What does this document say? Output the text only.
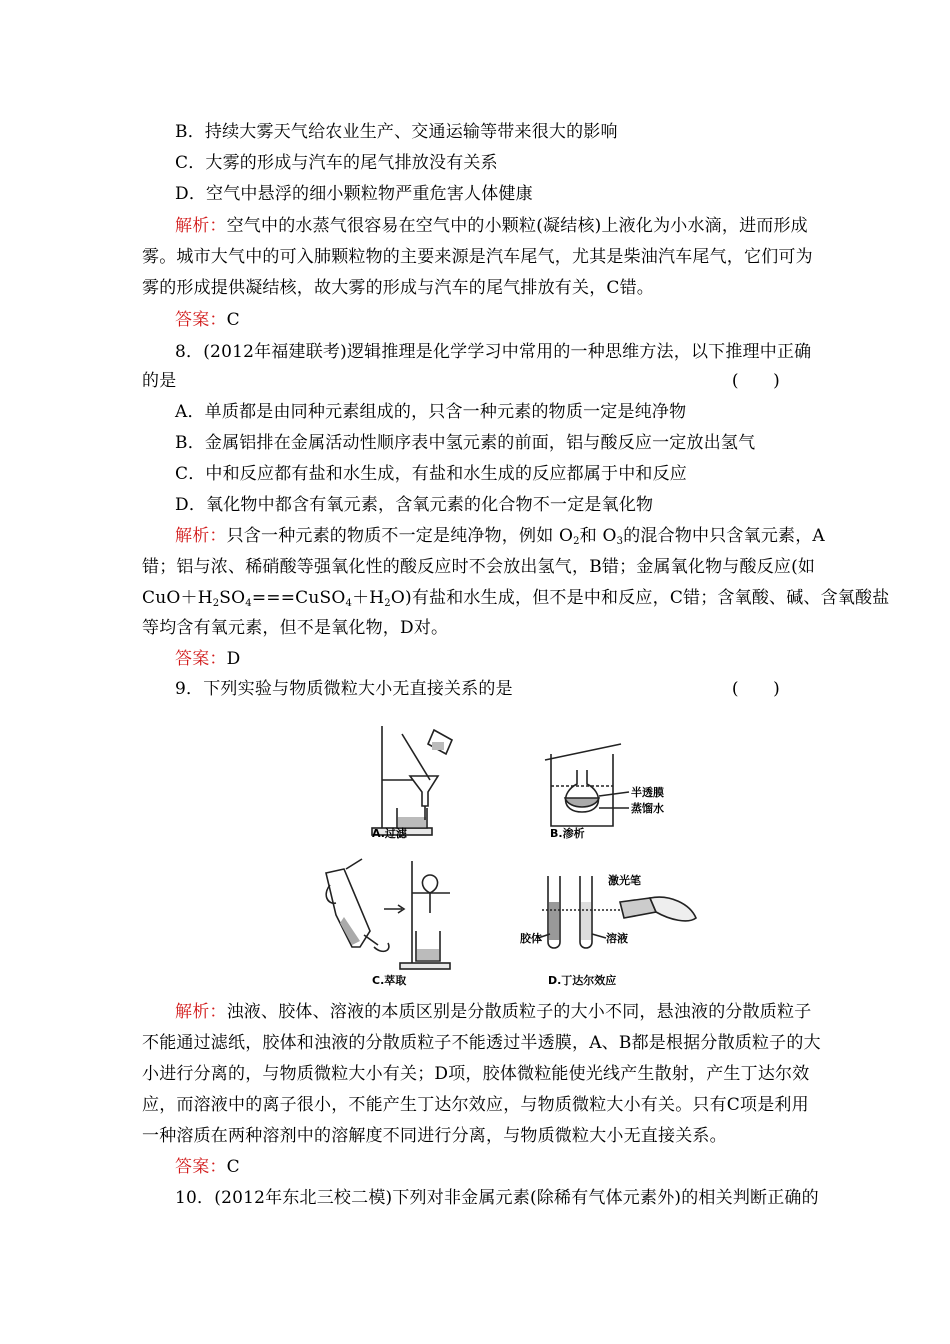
B．持续大雾天气给农业生产、交通运输等带来很大的影响
C．大雾的形成与汽车的尾气排放没有关系
D．空气中悬浮的细小颗粒物严重危害人体健康
解析：空气中的水蒸气很容易在空气中的小颗粒(凝结核)上液化为小水滴，进而形成
雾。城市大气中的可入肺颗粒物的主要来源是汽车尾气，尤其是柴油汽车尾气，它们可为
雾的形成提供凝结核，故大雾的形成与汽车的尾气排放有关，C错。
答案：C
8．(2012年福建联考)逻辑推理是化学学习中常用的一种思维方法，以下推理中正确
的是	(　　)
A．单质都是由同种元素组成的，只含一种元素的物质一定是纯净物
B．金属铝排在金属活动性顺序表中氢元素的前面，铝与酸反应一定放出氢气
C．中和反应都有盐和水生成，有盐和水生成的反应都属于中和反应
D．氧化物中都含有氧元素，含氧元素的化合物不一定是氧化物
解析：只含一种元素的物质不一定是纯净物，例如 $O_2$和 $O_3$的混合物中只含氧元素，A
错；铝与浓、稀硝酸等强氧化性的酸反应时不会放出氢气，B错；金属氧化物与酸反应(如
$CuO+H_2SO_4===CuSO_4+H_2O$)有盐和水生成，但不是中和反应，C错；含氧酸、碱、含氧酸盐
等均含有氧元素，但不是氧化物，D对。
答案：D
9．下列实验与物质微粒大小无直接关系的是	(　　)
A.过滤
半透膜
蒸馏水
B.渗析
C.萃取
激光笔
胶体	溶液
D.丁达尔效应
解析：浊液、胶体、溶液的本质区别是分散质粒子的大小不同，悬浊液的分散质粒子
不能通过滤纸，胶体和浊液的分散质粒子不能透过半透膜，A、B都是根据分散质粒子的大
小进行分离的，与物质微粒大小有关；D项，胶体微粒能使光线产生散射，产生丁达尔效
应，而溶液中的离子很小，不能产生丁达尔效应，与物质微粒大小有关。只有C项是利用
一种溶质在两种溶剂中的溶解度不同进行分离，与物质微粒大小无直接关系。
答案：C
10．(2012年东北三校二模)下列对非金属元素(除稀有气体元素外)的相关判断正确的
